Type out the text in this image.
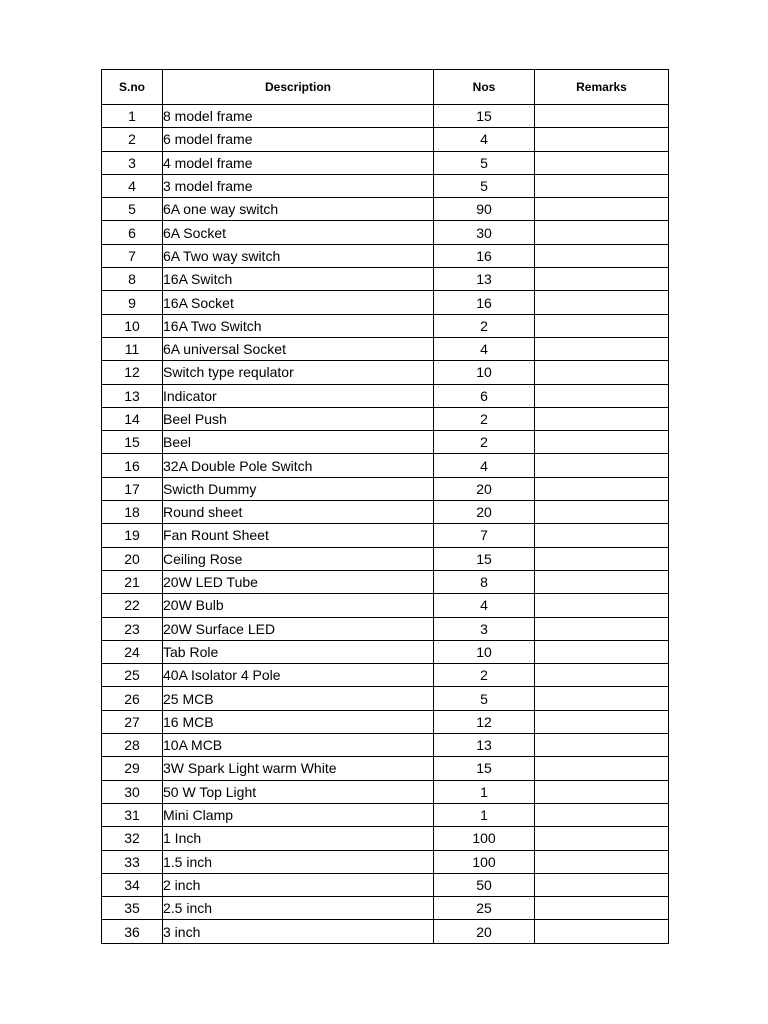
S.no	Description	Nos	Remarks
1	8 model frame	15	
2	6 model frame	4	
3	4 model frame	5	
4	3 model frame	5	
5	6A one way switch	90	
6	6A Socket	30	
7	6A Two way switch	16	
8	16A Switch	13	
9	16A Socket	16	
10	16A Two Switch	2	
11	6A universal Socket	4	
12	Switch type requlator	10	
13	Indicator	6	
14	Beel Push	2	
15	Beel	2	
16	32A Double Pole Switch	4	
17	Swicth Dummy	20	
18	Round sheet	20	
19	Fan Rount Sheet	7	
20	Ceiling Rose	15	
21	20W LED Tube	8	
22	20W Bulb	4	
23	20W Surface LED	3	
24	Tab Role	10	
25	40A Isolator 4 Pole	2	
26	25 MCB	5	
27	16 MCB	12	
28	10A MCB	13	
29	3W Spark Light warm White	15	
30	50 W Top Light	1	
31	Mini Clamp	1	
32	1 Inch	100	
33	1.5 inch	100	
34	2 inch	50	
35	2.5 inch	25	
36	3 inch	20	
